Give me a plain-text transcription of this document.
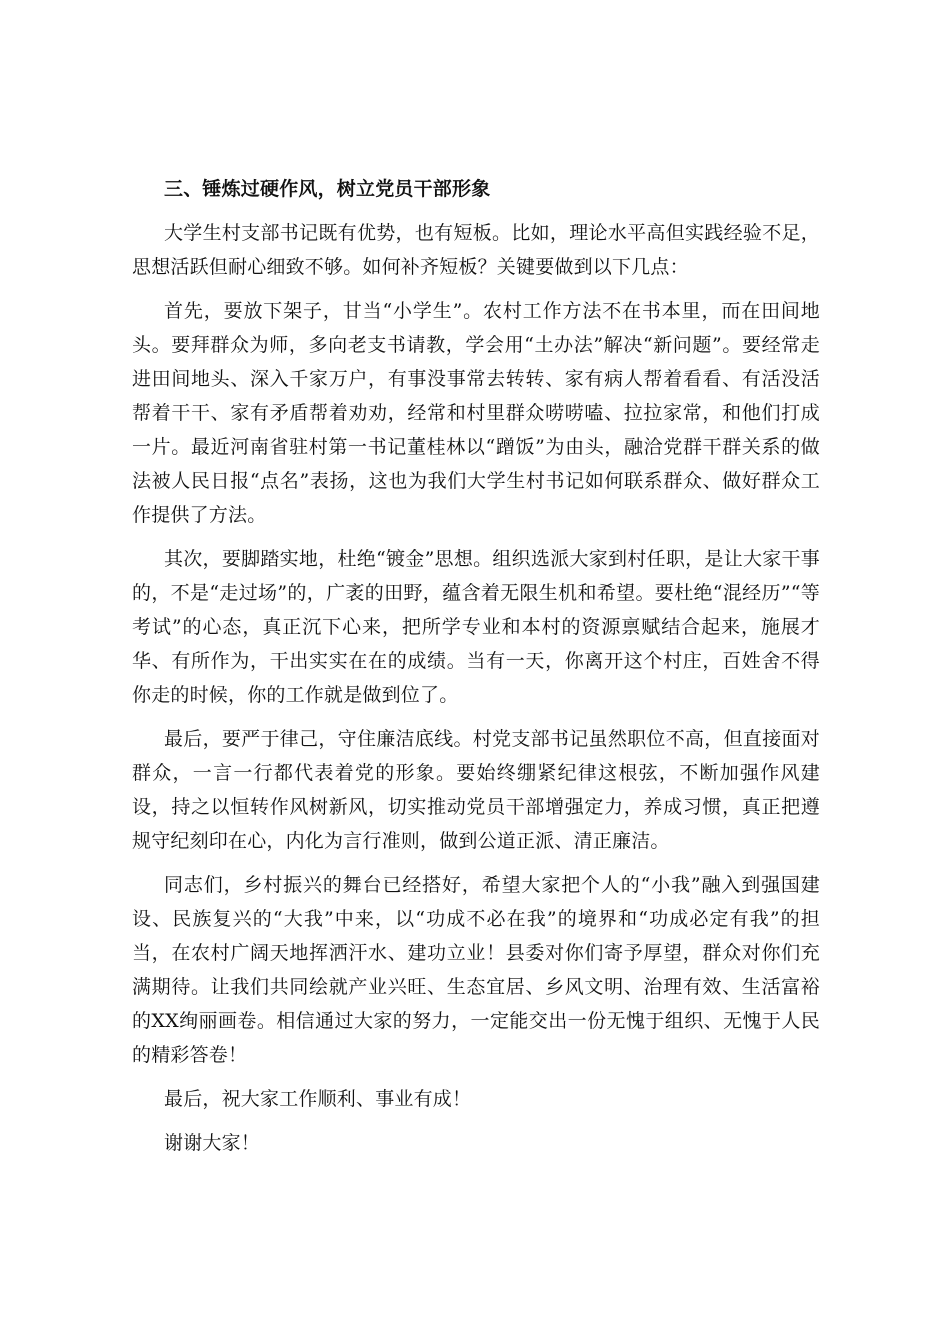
三、锤炼过硬作风，树立党员干部形象

大学生村支部书记既有优势，也有短板。比如，理论水平高但实践经验不足，思想活跃但耐心细致不够。如何补齐短板？关键要做到以下几点：

首先，要放下架子，甘当“小学生”。农村工作方法不在书本里，而在田间地头。要拜群众为师，多向老支书请教，学会用“土办法”解决“新问题”。要经常走进田间地头、深入千家万户，有事没事常去转转、家有病人帮着看看、有活没活帮着干干、家有矛盾帮着劝劝，经常和村里群众唠唠嗑、拉拉家常，和他们打成一片。最近河南省驻村第一书记董桂林以“蹭饭”为由头，融洽党群干群关系的做法被人民日报“点名”表扬，这也为我们大学生村书记如何联系群众、做好群众工作提供了方法。

其次，要脚踏实地，杜绝“镀金”思想。组织选派大家到村任职，是让大家干事的，不是“走过场”的，广袤的田野，蕴含着无限生机和希望。要杜绝“混经历”“等考试”的心态，真正沉下心来，把所学专业和本村的资源禀赋结合起来，施展才华、有所作为，干出实实在在的成绩。当有一天，你离开这个村庄，百姓舍不得你走的时候，你的工作就是做到位了。

最后，要严于律己，守住廉洁底线。村党支部书记虽然职位不高，但直接面对群众，一言一行都代表着党的形象。要始终绷紧纪律这根弦，不断加强作风建设，持之以恒转作风树新风，切实推动党员干部增强定力，养成习惯，真正把遵规守纪刻印在心，内化为言行准则，做到公道正派、清正廉洁。

同志们，乡村振兴的舞台已经搭好，希望大家把个人的“小我”融入到强国建设、民族复兴的“大我”中来，以“功成不必在我”的境界和“功成必定有我”的担当，在农村广阔天地挥洒汗水、建功立业！县委对你们寄予厚望，群众对你们充满期待。让我们共同绘就产业兴旺、生态宜居、乡风文明、治理有效、生活富裕的XX绚丽画卷。相信通过大家的努力，一定能交出一份无愧于组织、无愧于人民的精彩答卷！

最后，祝大家工作顺利、事业有成！

谢谢大家！
